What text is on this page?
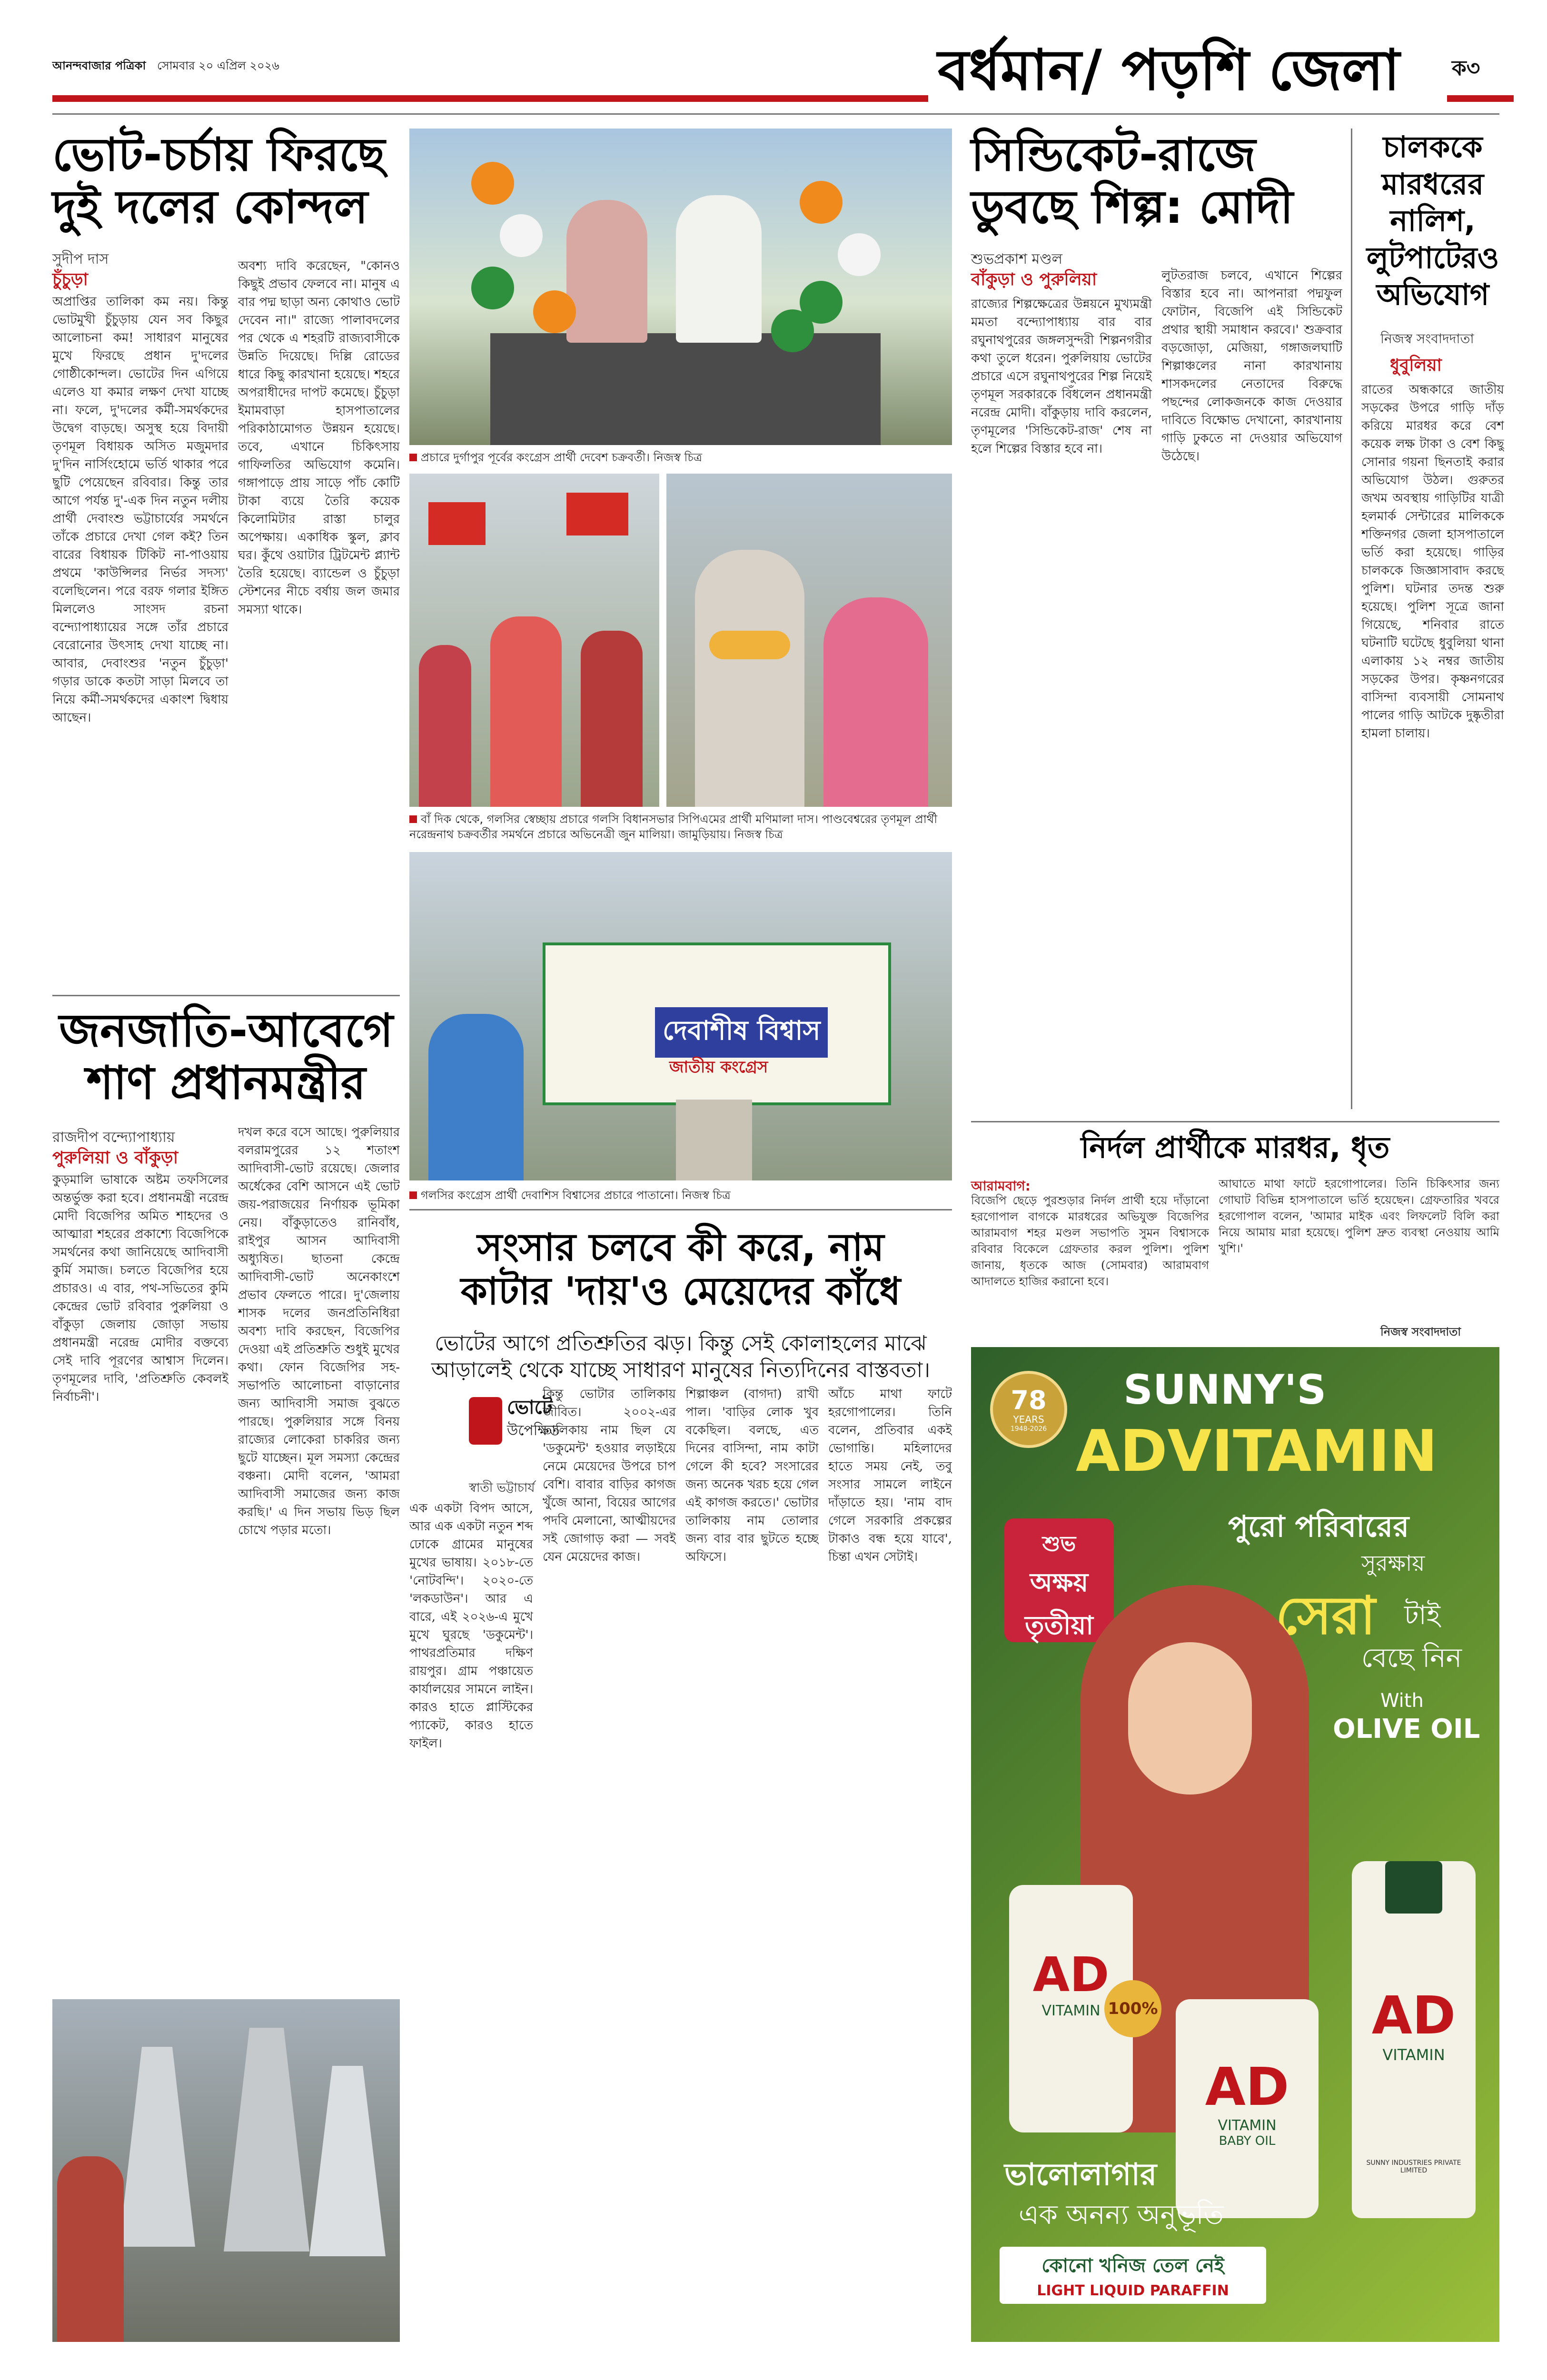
আনন্দবাজার পত্রিকা সোমবার ২০ এপ্রিল ২০২৬	বর্ধমান/ পড়শি জেলা ক৩
ভোট-চর্চায় ফিরছে
দুই দলের কোন্দল
সুদীপ দাস
চুঁচুড়া
অপ্রাপ্তির তালিকা কম নয়। কিন্তু ভোটমুখী চুঁচুড়ায় যেন সব কিছুর আলোচনা কম! সাধারণ মানুষের মুখে ফিরছে প্রধান দু'দলের গোষ্ঠীকোন্দল। ভোটের দিন এগিয়ে এলেও যা কমার লক্ষণ দেখা যাচ্ছে না। ফলে, দু'দলের কর্মী-সমর্থকদের উদ্বেগ বাড়ছে। অসুস্থ হয়ে বিদায়ী তৃণমূল বিধায়ক অসিত মজুমদার দু'দিন নার্সিংহোমে ভর্তি থাকার পরে ছুটি পেয়েছেন রবিবার। কিন্তু তার আগে পর্যন্ত দু'-এক দিন নতুন দলীয় প্রার্থী দেবাংশু ভট্টাচার্যের সমর্থনে তাঁকে প্রচারে দেখা গেল কই? তিন বারের বিধায়ক টিকিট না-পাওয়ায় প্রথমে 'কাউন্সিলর নির্ভর সদস্য' বলেছিলেন। পরে বরফ গলার ইঙ্গিত মিললেও সাংসদ রচনা বন্দ্যোপাধ্যায়ের সঙ্গে তাঁর প্রচারে বেরোনোর উৎসাহ দেখা যাচ্ছে না। আবার, দেবাংশুর 'নতুন চুঁচুড়া' গড়ার ডাকে কতটা সাড়া মিলবে তা নিয়ে কর্মী-সমর্থকদের একাংশ দ্বিধায় আছেন।
অবশ্য দাবি করেছেন, "কোনও কিছুই প্রভাব ফেলবে না। মানুষ এ বার পদ্ম ছাড়া অন্য কোথাও ভোট দেবেন না।" রাজ্যে পালাবদলের পর থেকে এ শহরটি রাজ্যবাসীকে উন্নতি দিয়েছে। দিল্লি রোডের ধারে কিছু কারখানা হয়েছে। শহরে অপরাধীদের দাপট কমেছে। চুঁচুড়া ইমামবাড়া হাসপাতালের পরিকাঠামোগত উন্নয়ন হয়েছে। তবে, এখানে চিকিৎসায় গাফিলতির অভিযোগ কমেনি। গঙ্গাপাড়ে প্রায় সাড়ে পাঁচ কোটি টাকা ব্যয়ে তৈরি কয়েক কিলোমিটার রাস্তা চালুর অপেক্ষায়। একাধিক স্কুল, ক্লাব ঘর। কুঁথে ওয়াটার ট্রিটমেন্ট প্ল্যান্ট তৈরি হয়েছে। ব্যান্ডেল ও চুঁচুড়া স্টেশনের নীচে বর্ষায় জল জমার সমস্যা থাকে।
প্রচারে দুর্গাপুর পূর্বের কংগ্রেস প্রার্থী দেবেশ চক্রবর্তী। নিজস্ব চিত্র
বাঁ দিক থেকে, গলসির স্বেচ্ছায় প্রচারে গলসি বিধানসভার সিপিএমের প্রার্থী মণিমালা দাস। পাণ্ডবেশ্বরের তৃণমূল প্রার্থী নরেন্দ্রনাথ চক্রবর্তীর সমর্থনে প্রচারে অভিনেত্রী জুন মালিয়া। জামুড়িয়ায়। নিজস্ব চিত্র
দেবাশীষ বিশ্বাস
জাতীয় কংগ্রেস
গলসির কংগ্রেস প্রার্থী দেবাশিস বিশ্বাসের প্রচারে পাতানো। নিজস্ব চিত্র
জনজাতি-আবেগে
শাণ প্রধানমন্ত্রীর
রাজদীপ বন্দ্যোপাধ্যায়
পুরুলিয়া ও বাঁকুড়া
কুড়মালি ভাষাকে অষ্টম তফসিলের অন্তর্ভুক্ত করা হবে। প্রধানমন্ত্রী নরেন্দ্র মোদী বিজেপির অমিত শাহদের ও আত্মারা শহরের প্রকাশ্যে বিজেপিকে সমর্থনের কথা জানিয়েছে আদিবাসী কুর্মি সমাজ। চলতে বিজেপির হয়ে প্রচারও। এ বার, পথ-সভিতের কুমি কেন্দ্রের ভোট রবিবার পুরুলিয়া ও বাঁকুড়া জেলায় জোড়া সভায় প্রধানমন্ত্রী নরেন্দ্র মোদীর বক্তব্যে সেই দাবি পূরণের আশ্বাস দিলেন। তৃণমূলের দাবি, 'প্রতিশ্রুতি কেবলই নির্বাচনী'।
দখল করে বসে আছে। পুরুলিয়ার বলরামপুরের ১২ শতাংশ আদিবাসী-ভোট রয়েছে। জেলার অর্ধেকের বেশি আসনে এই ভোট জয়-পরাজয়ের নির্ণায়ক ভূমিকা নেয়। বাঁকুড়াতেও রানিবাঁধ, রাইপুর আসন আদিবাসী অধ্যুষিত। ছাতনা কেন্দ্রে আদিবাসী-ভোট অনেকাংশে প্রভাব ফেলতে পারে। দু'জেলায় শাসক দলের জনপ্রতিনিধিরা অবশ্য দাবি করছেন, বিজেপির দেওয়া এই প্রতিশ্রুতি শুধুই মুখের কথা। ফোন বিজেপির সহ-সভাপতি আলোচনা বাড়ানোর জন্য আদিবাসী সমাজ বুঝতে পারছে। পুরুলিয়ার সঙ্গে বিনয় রাজ্যের লোকেরা চাকরির জন্য ছুটে যাচ্ছেন। মূল সমস্যা কেন্দ্রের বঞ্চনা। মোদী বলেন, 'আমরা আদিবাসী সমাজের জন্য কাজ করছি।' এ দিন সভায় ভিড় ছিল চোখে পড়ার মতো।
সংসার চলবে কী করে, নাম
কাটার 'দায়'ও মেয়েদের কাঁধে
ভোটের আগে প্রতিশ্রুতির ঝড়। কিন্তু সেই কোলাহলের মাঝে
আড়ালেই থেকে যাচ্ছে সাধারণ মানুষের নিত্যদিনের বাস্তবতা।
ভোটে
উপেক্ষিত
স্বাতী ভট্টাচার্য
এক একটা বিপদ আসে, আর এক একটা নতুন শব্দ ঢোকে গ্রামের মানুষের মুখের ভাষায়। ২০১৮-তে 'নোটবন্দি'। ২০২০-তে 'লকডাউন'। আর এ বারে, এই ২০২৬-এ মুখে মুখে ঘুরছে 'ডকুমেন্ট'। পাথরপ্রতিমার দক্ষিণ রায়পুর। গ্রাম পঞ্চায়েত কার্যালয়ের সামনে লাইন। কারও হাতে প্লাস্টিকের প্যাকেট, কারও হাতে ফাইল।
কিন্তু ভোটার তালিকায় জীবিত। ২০০২-এর তালিকায় নাম ছিল যে 'ডকুমেন্ট' হওয়ার লড়াইয়ে নেমে মেয়েদের উপরে চাপ বেশি। বাবার বাড়ির কাগজ খুঁজে আনা, বিয়ের আগের পদবি মেলানো, আত্মীয়দের সই জোগাড় করা — সবই যেন মেয়েদের কাজ।
শিল্পাঞ্চল (বাগদা) রাখী পাল। 'বাড়ির লোক খুব বকেছিল। বলছে, এত দিনের বাসিন্দা, নাম কাটা গেলে কী হবে? সংসারের জন্য অনেক খরচ হয়ে গেল এই কাগজ করতে।' ভোটার তালিকায় নাম তোলার জন্য বার বার ছুটতে হচ্ছে অফিসে।
আঁচে মাথা ফাটে হরগোপালের। তিনি বলেন, প্রতিবার একই ভোগান্তি। মহিলাদের হাতে সময় নেই, তবু সংসার সামলে লাইনে দাঁড়াতে হয়। 'নাম বাদ গেলে সরকারি প্রকল্পের টাকাও বন্ধ হয়ে যাবে', চিন্তা এখন সেটাই।
সিন্ডিকেট-রাজে
ডুবছে শিল্প: মোদী
শুভপ্রকাশ মণ্ডল
বাঁকুড়া ও পুরুলিয়া
রাজ্যের শিল্পক্ষেত্রের উন্নয়নে মুখ্যমন্ত্রী মমতা বন্দ্যোপাধ্যায় বার বার রঘুনাথপুরের জঙ্গলসুন্দরী শিল্পনগরীর কথা তুলে ধরেন। পুরুলিয়ায় ভোটের প্রচারে এসে রঘুনাথপুরের শিল্প নিয়েই তৃণমূল সরকারকে বিঁধলেন প্রধানমন্ত্রী নরেন্দ্র মোদী। বাঁকুড়ায় দাবি করলেন, তৃণমূলের 'সিন্ডিকেট-রাজ' শেষ না হলে শিল্পের বিস্তার হবে না।
লুটতরাজ চলবে, এখানে শিল্পের বিস্তার হবে না। আপনারা পদ্মফুল ফোটান, বিজেপি এই সিন্ডিকেট প্রথার স্থায়ী সমাধান করবে।' শুক্রবার বড়জোড়া, মেজিয়া, গঙ্গাজলঘাটি শিল্পাঞ্চলের নানা কারখানায় শাসকদলের নেতাদের বিরুদ্ধে পছন্দের লোকজনকে কাজ দেওয়ার দাবিতে বিক্ষোভ দেখানো, কারখানায় গাড়ি ঢুকতে না দেওয়ার অভিযোগ উঠেছে।
চালককে
মারধরের
নালিশ,
লুটপাটেরও
অভিযোগ
নিজস্ব সংবাদদাতা
ধুবুলিয়া
রাতের অন্ধকারে জাতীয় সড়কের উপরে গাড়ি দাঁড় করিয়ে মারধর করে বেশ কয়েক লক্ষ টাকা ও বেশ কিছু সোনার গয়না ছিনতাই করার অভিযোগ উঠল। গুরুতর জখম অবস্থায় গাড়িটির যাত্রী হলমার্ক সেন্টারের মালিককে শক্তিনগর জেলা হাসপাতালে ভর্তি করা হয়েছে। গাড়ির চালককে জিজ্ঞাসাবাদ করছে পুলিশ। ঘটনার তদন্ত শুরু হয়েছে। পুলিশ সূত্রে জানা গিয়েছে, শনিবার রাতে ঘটনাটি ঘটেছে ধুবুলিয়া থানা এলাকায় ১২ নম্বর জাতীয় সড়কের উপর। কৃষ্ণনগরের বাসিন্দা ব্যবসায়ী সোমনাথ পালের গাড়ি আটকে দুষ্কৃতীরা হামলা চালায়।
নির্দল প্রার্থীকে মারধর, ধৃত
আরামবাগ:
বিজেপি ছেড়ে পুরশুড়ার নির্দল প্রার্থী হয়ে দাঁড়ানো হরগোপাল বাগকে মারধরের অভিযুক্ত বিজেপির আরামবাগ শহর মণ্ডল সভাপতি সুমন বিশ্বাসকে রবিবার বিকেলে গ্রেফতার করল পুলিশ। পুলিশ জানায়, ধৃতকে আজ (সোমবার) আরামবাগ আদালতে হাজির করানো হবে।
আঘাতে মাথা ফাটে হরগোপালের। তিনি চিকিৎসার জন্য গোঘাট বিভিন্ন হাসপাতালে ভর্তি হয়েছেন। গ্রেফতারির খবরে হরগোপাল বলেন, 'আমার মাইক এবং লিফলেট বিলি করা নিয়ে আমায় মারা হয়েছে। পুলিশ দ্রুত ব্যবস্থা নেওয়ায় আমি খুশি।'
নিজস্ব সংবাদদাতা
78
YEARS
1948-2026
SUNNY'S
ADVITAMIN
পুরো পরিবারের
সুরক্ষায়
সেরা টাই
বেছে নিন
With
OLIVE OIL
শুভ
অক্ষয়
তৃতীয়া
AD
VITAMIN 100%
AD
VITAMIN
BABY OIL
AD
VITAMIN
SUNNY INDUSTRIES PRIVATE LIMITED
ভালোলাগার
এক অনন্য অনুভূতি
কোনো খনিজ তেল নেই
LIGHT LIQUID PARAFFIN
